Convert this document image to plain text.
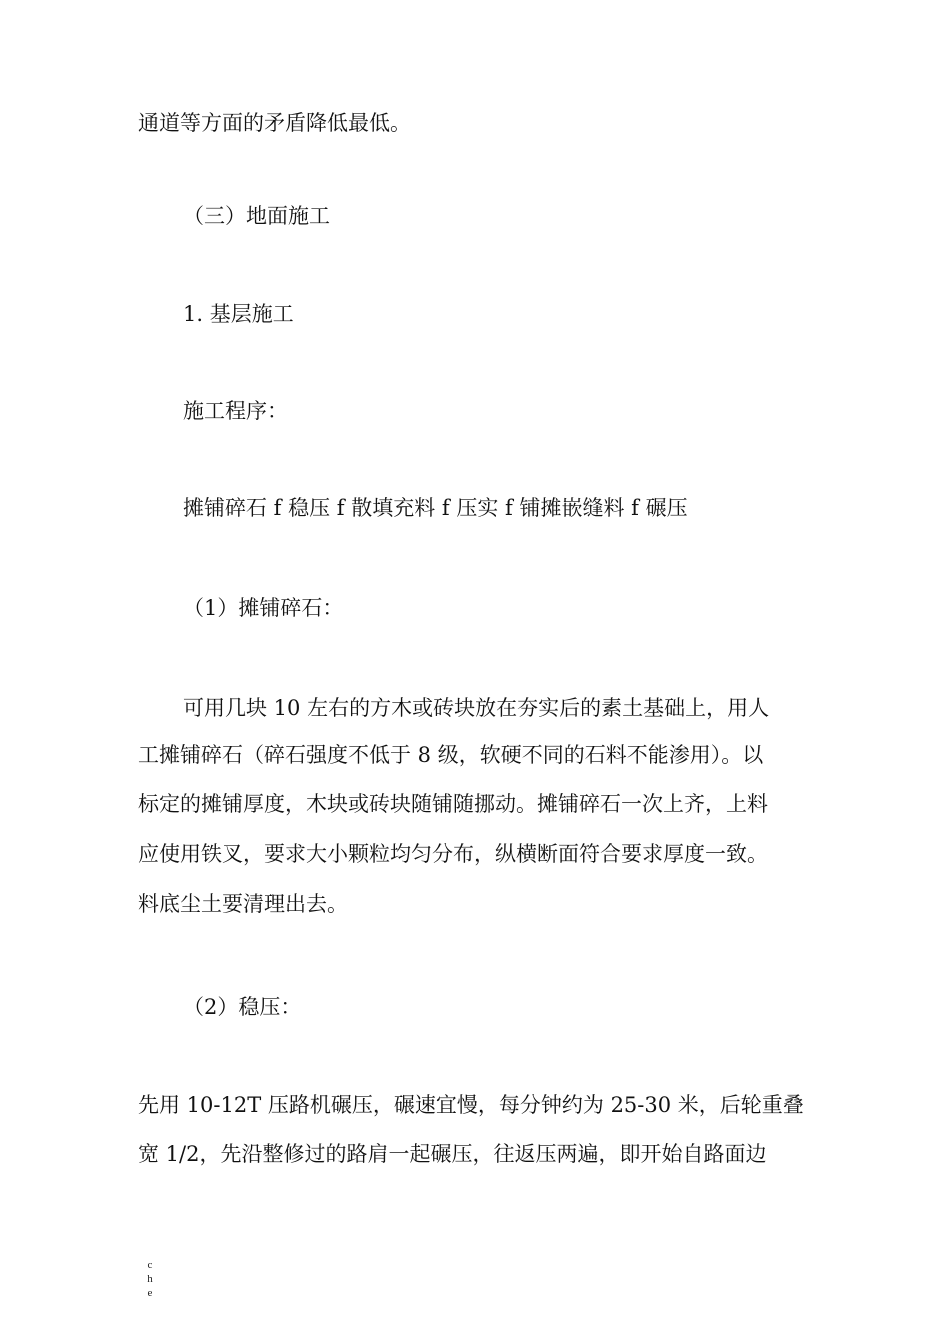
通道等方面的矛盾降低最低。
（三）地面施工
1. 基层施工
施工程序：
摊铺碎石 f 稳压 f 散填充料 f 压实 f 铺摊嵌缝料 f 碾压
（1）摊铺碎石：
可用几块 10 左右的方木或砖块放在夯实后的素土基础上，用人
工摊铺碎石（碎石强度不低于 8 级，软硬不同的石料不能渗用）。以
标定的摊铺厚度，木块或砖块随铺随挪动。摊铺碎石一次上齐，上料
应使用铁叉，要求大小颗粒均匀分布，纵横断面符合要求厚度一致。
料底尘土要清理出去。
（2）稳压：
先用 10-12T 压路机碾压，碾速宜慢，每分钟约为 25-30 米，后轮重叠
宽 1/2，先沿整修过的路肩一起碾压，往返压两遍，即开始自路面边
c
h
e
